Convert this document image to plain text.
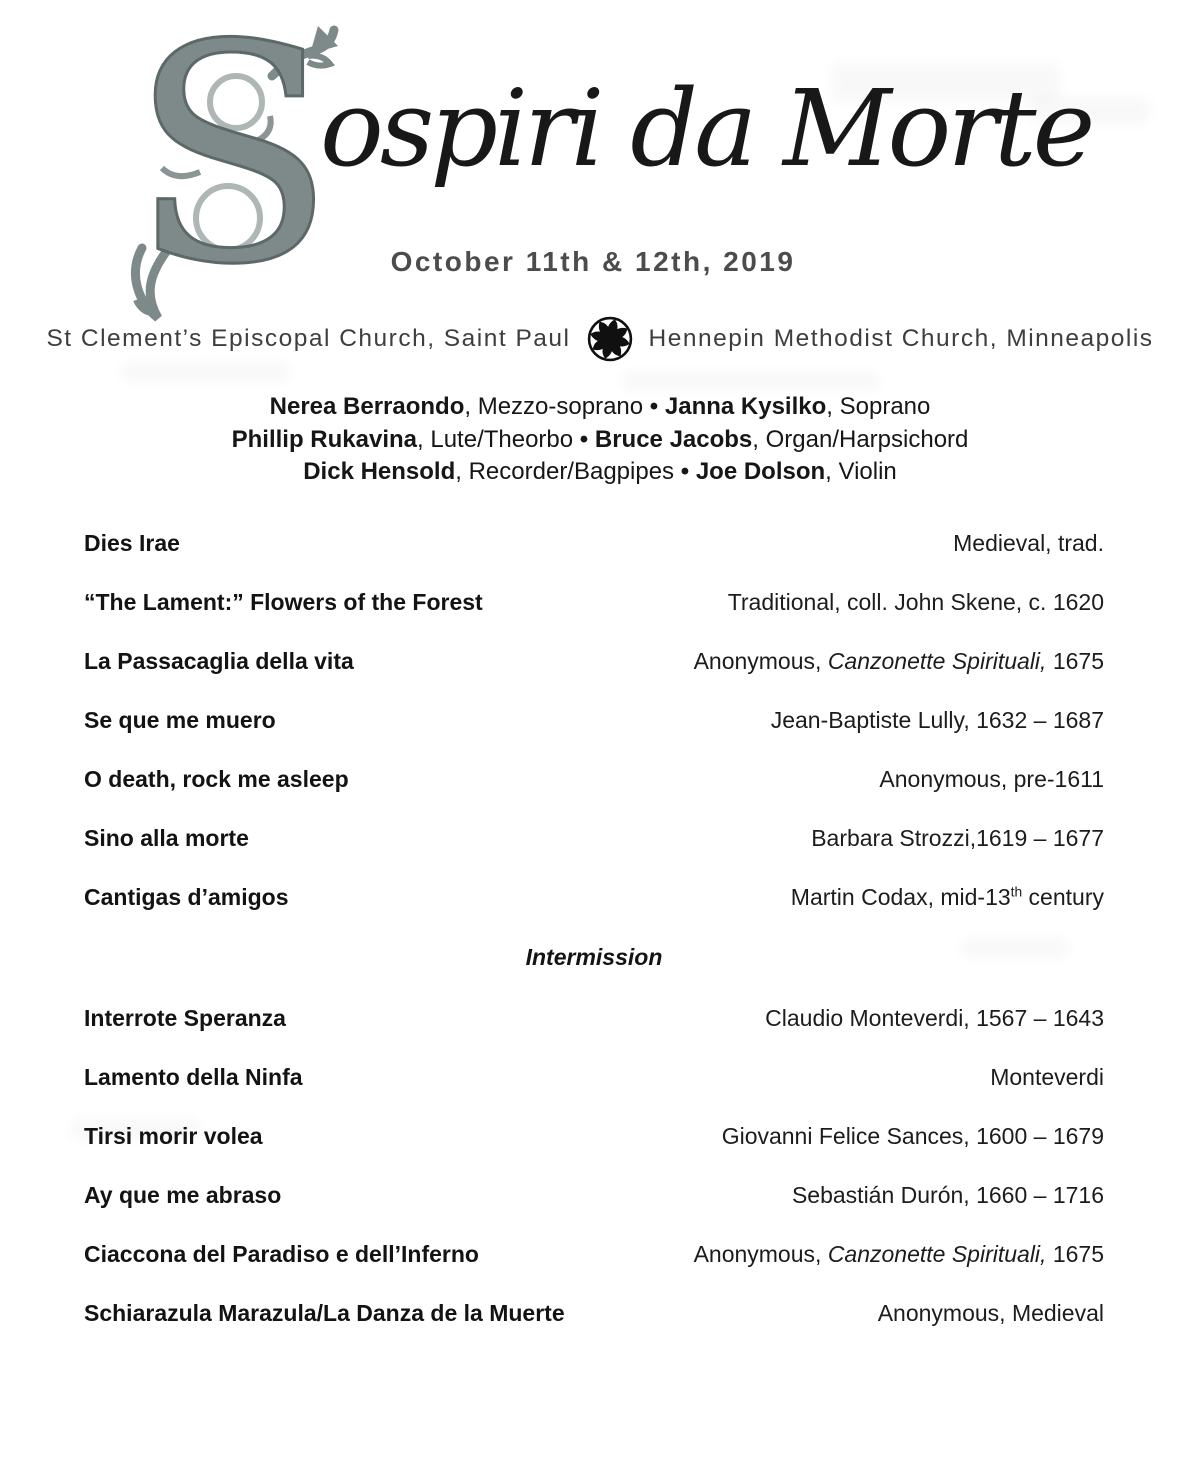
S
ospiri da Morte
October 11th & 12th, 2019
St Clement’s Episcopal Church, Saint Paul	Hennepin Methodist Church, Minneapolis
Nerea Berraondo, Mezzo-soprano • Janna Kysilko, Soprano
Phillip Rukavina, Lute/Theorbo • Bruce Jacobs, Organ/Harpsichord
Dick Hensold, Recorder/Bagpipes • Joe Dolson, Violin
Dies Irae	Medieval, trad.
“The Lament:” Flowers of the Forest	Traditional, coll. John Skene, c. 1620
La Passacaglia della vita	Anonymous, Canzonette Spirituali, 1675
Se que me muero	Jean-Baptiste Lully, 1632 – 1687
O death, rock me asleep	Anonymous, pre-1611
Sino alla morte	Barbara Strozzi,1619 – 1677
Cantigas d’amigos	Martin Codax, mid-13th century
Intermission
Interrote Speranza	Claudio Monteverdi, 1567 – 1643
Lamento della Ninfa	Monteverdi
Tirsi morir volea	Giovanni Felice Sances, 1600 – 1679
Ay que me abraso	Sebastián Durón, 1660 – 1716
Ciaccona del Paradiso e dell’Inferno	Anonymous, Canzonette Spirituali, 1675
Schiarazula Marazula/La Danza de la Muerte	Anonymous, Medieval
